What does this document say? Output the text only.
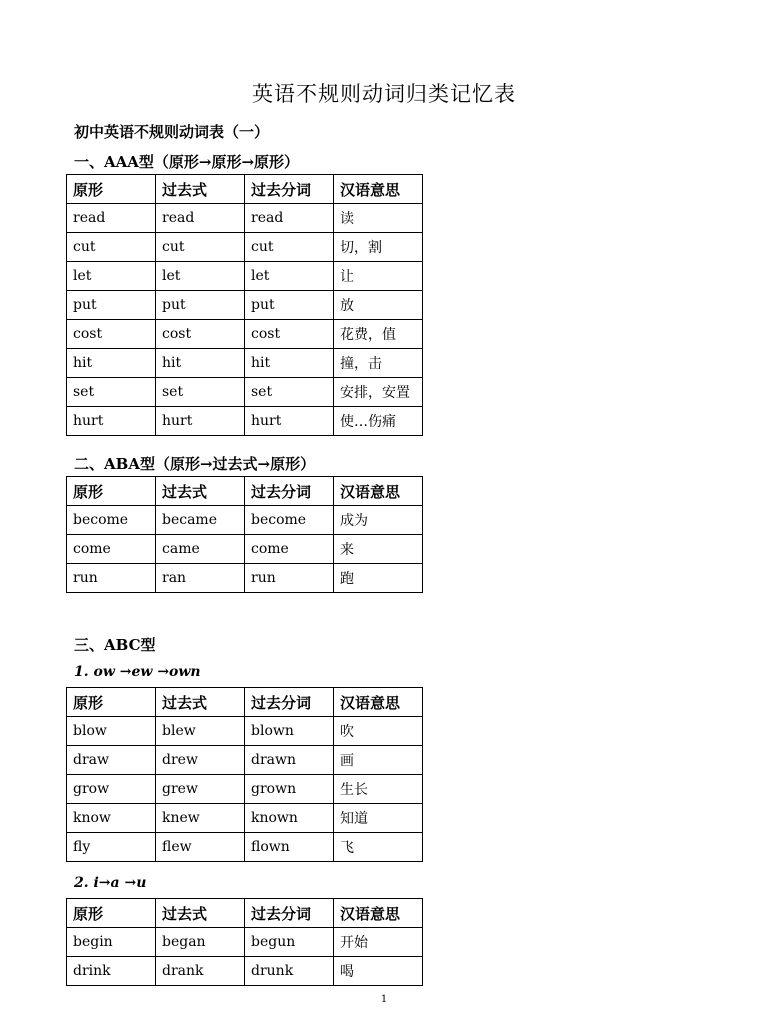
英语不规则动词归类记忆表
初中英语不规则动词表（一）
一、AAA型（原形→原形→原形）
原形	过去式	过去分词	汉语意思
read	read	read	读
cut	cut	cut	切，割
let	let	let	让
put	put	put	放
cost	cost	cost	花费，值
hit	hit	hit	撞，击
set	set	set	安排，安置
hurt	hurt	hurt	使…伤痛
二、ABA型（原形→过去式→原形）
原形	过去式	过去分词	汉语意思
become	became	become	成为
come	came	come	来
run	ran	run	跑
三、ABC型
1. ow →ew →own
原形	过去式	过去分词	汉语意思
blow	blew	blown	吹
draw	drew	drawn	画
grow	grew	grown	生长
know	knew	known	知道
fly	flew	flown	飞
2. i→a →u
原形	过去式	过去分词	汉语意思
begin	began	begun	开始
drink	drank	drunk	喝
1
